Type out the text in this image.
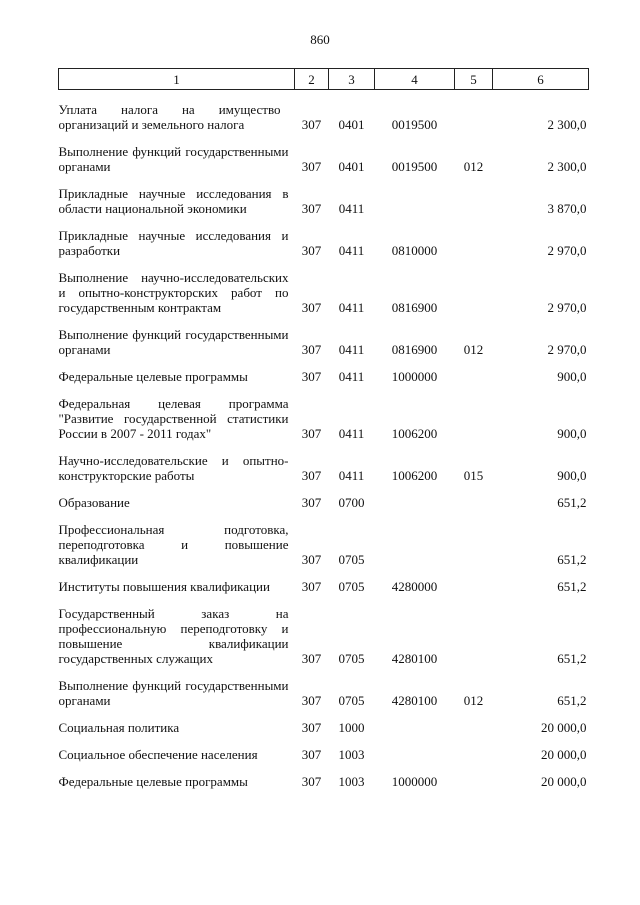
860
1	2	3	4	5	6
Уплата налога на имущество организаций и земельного налога	307	0401	0019500		2 300,0
Выполнение функций государственными органами	307	0401	0019500	012	2 300,0
Прикладные научные исследования в области национальной экономики	307	0411			3 870,0
Прикладные научные исследования и разработки	307	0411	0810000		2 970,0
Выполнение научно-исследовательских и опытно-конструкторских работ по государственным контрактам	307	0411	0816900		2 970,0
Выполнение функций государственными органами	307	0411	0816900	012	2 970,0
Федеральные целевые программы	307	0411	1000000		900,0
Федеральная целевая программа "Развитие государственной статистики России в 2007 - 2011 годах"	307	0411	1006200		900,0
Научно-исследовательские и опытно-конструкторские работы	307	0411	1006200	015	900,0
Образование	307	0700			651,2
Профессиональная подготовка, переподготовка и повышение квалификации	307	0705			651,2
Институты повышения квалификации	307	0705	4280000		651,2
Государственный заказ на профессиональную переподготовку и повышение квалификации государственных служащих	307	0705	4280100		651,2
Выполнение функций государственными органами	307	0705	4280100	012	651,2
Социальная политика	307	1000			20 000,0
Социальное обеспечение населения	307	1003			20 000,0
Федеральные целевые программы	307	1003	1000000		20 000,0
